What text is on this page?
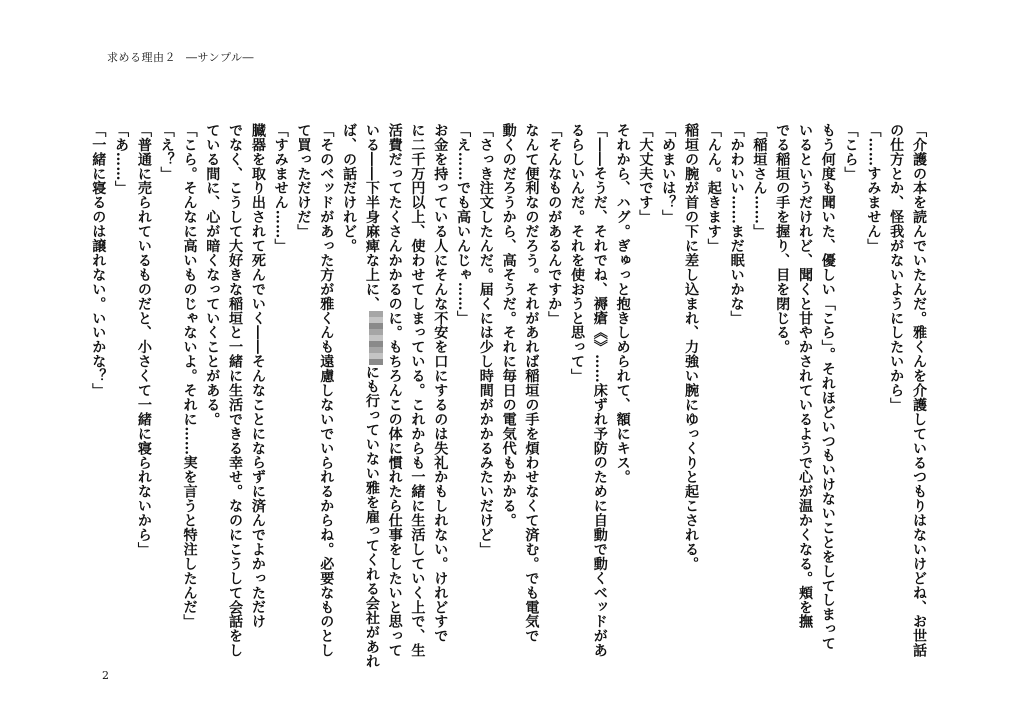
求める理由２ ―サンプル―
「介護の本を読んでいたんだ。雅くんを介護しているつもりはないけどね、お世話
の仕方とか、怪我がないようにしたいから」
「……すみません」
「こら」
もう何度も聞いた、優しい「こら」。それほどいつもいけないことをしてしまって
いるというだけれど、聞くと甘やかされているようで心が温かくなる。頬を撫
でる稲垣の手を握り、目を閉じる。
「稲垣さん……」
「かわいい……まだ眠いかな」
「んん。起きます」
稲垣の腕が首の下に差し込まれ、力強い腕にゆっくりと起こされる。
「めまいは？」
「大丈夫です」
それから、ハグ。ぎゅっと抱きしめられて、額にキス。
「――そうだ、それでね、褥瘡《》……床ずれ予防のために自動で動くベッドがあ
るらしいんだ。それを使おうと思って」
「そんなものがあるんですか」
なんて便利なのだろう。それがあれば稲垣の手を煩わせなくて済む。でも電気で
動くのだろうから、高そうだ。それに毎日の電気代もかかる。
「さっき注文したんだ。届くには少し時間がかかるみたいだけど」
「え……でも高いんじゃ……」
お金を持っている人にそんな不安を口にするのは失礼かもしれない。けれどすで
に二千万円以上、使わせてしまっている。これからも一緒に生活していく上で、生
活費だってたくさんかかるのに。もちろんこの体に慣れたら仕事をしたいと思って
いる――下半身麻痺な上に、にも行っていない雅を雇ってくれる会社があれ
ば、の話だけれど。
「そのベッドがあった方が雅くんも遠慮しないでいられるからね。必要なものとし
て買っただけだ」
「すみません……」
臓器を取り出されて死んでいく――そんなことにならずに済んでよかっただけ
でなく、こうして大好きな稲垣と一緒に生活できる幸せ。なのにこうして会話をし
ている間に、心が暗くなっていくことがある。
「こら。そんなに高いものじゃないよ。それに……実を言うと特注したんだ」
「え？」
「普通に売られているものだと、小さくて一緒に寝られないから」
「あ……」
「一緒に寝るのは譲れない。いいかな？」
2
